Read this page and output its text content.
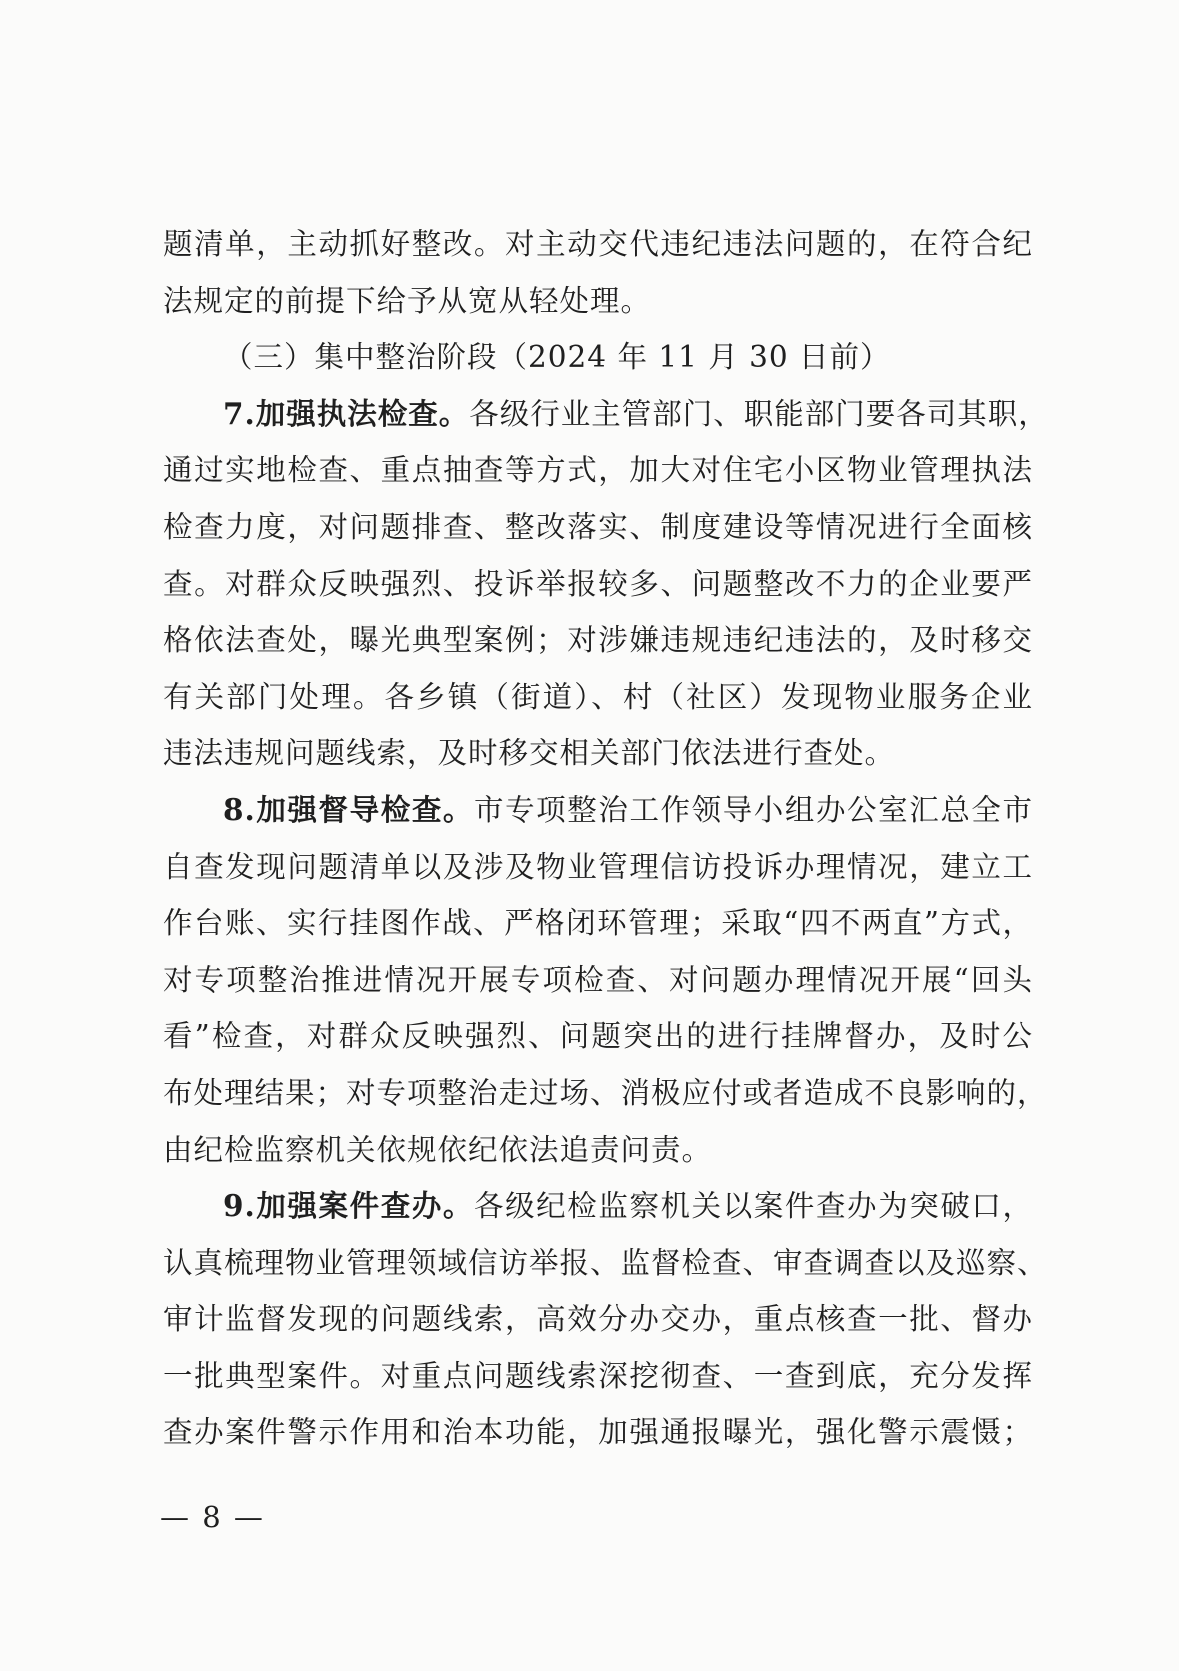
题清单，主动抓好整改。对主动交代违纪违法问题的，在符合纪
法规定的前提下给予从宽从轻处理。
（三）集中整治阶段（2024 年 11 月 30 日前）
7.加强执法检查。各级行业主管部门、职能部门要各司其职，
通过实地检查、重点抽查等方式，加大对住宅小区物业管理执法
检查力度，对问题排查、整改落实、制度建设等情况进行全面核
查。对群众反映强烈、投诉举报较多、问题整改不力的企业要严
格依法查处，曝光典型案例；对涉嫌违规违纪违法的，及时移交
有关部门处理。各乡镇（街道）、村（社区）发现物业服务企业
违法违规问题线索，及时移交相关部门依法进行查处。
8.加强督导检查。市专项整治工作领导小组办公室汇总全市
自查发现问题清单以及涉及物业管理信访投诉办理情况，建立工
作台账、实行挂图作战、严格闭环管理；采取“四不两直”方式，
对专项整治推进情况开展专项检查、对问题办理情况开展“回头
看”检查，对群众反映强烈、问题突出的进行挂牌督办，及时公
布处理结果；对专项整治走过场、消极应付或者造成不良影响的，
由纪检监察机关依规依纪依法追责问责。
9.加强案件查办。各级纪检监察机关以案件查办为突破口，
认真梳理物业管理领域信访举报、监督检查、审查调查以及巡察、
审计监督发现的问题线索，高效分办交办，重点核查一批、督办
一批典型案件。对重点问题线索深挖彻查、一查到底，充分发挥
查办案件警示作用和治本功能，加强通报曝光，强化警示震慑；
— 8 —
